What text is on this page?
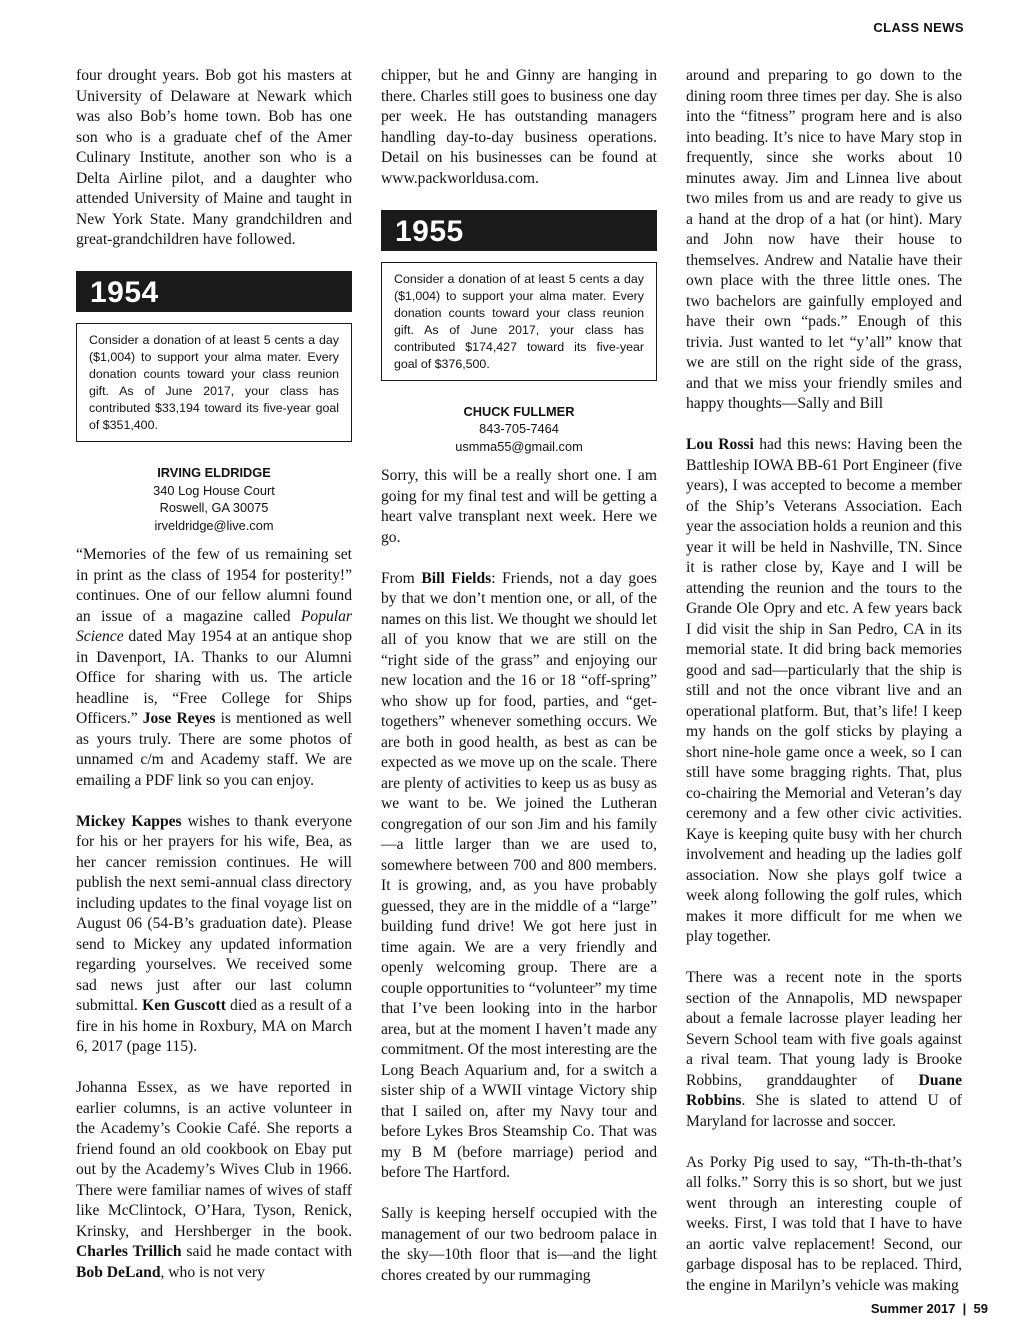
CLASS NEWS

four drought years. Bob got his masters at University of Delaware at Newark which was also Bob’s home town. Bob has one son who is a graduate chef of the Amer Culinary Institute, another son who is a Delta Airline pilot, and a daughter who attended University of Maine and taught in New York State. Many grandchildren and great-grandchildren have followed.

1954
Consider a donation of at least 5 cents a day ($1,004) to support your alma mater. Every donation counts toward your class reunion gift. As of June 2017, your class has contributed $33,194 toward its five-year goal of $351,400.
IRVING ELDRIDGE
340 Log House Court
Roswell, GA 30075
irveldridge@live.com

“Memories of the few of us remaining set in print as the class of 1954 for posterity!” continues. One of our fellow alumni found an issue of a magazine called Popular Science dated May 1954 at an antique shop in Davenport, IA. Thanks to our Alumni Office for sharing with us. The article headline is, “Free College for Ships Officers.” Jose Reyes is mentioned as well as yours truly. There are some photos of unnamed c/m and Academy staff. We are emailing a PDF link so you can enjoy.

Mickey Kappes wishes to thank everyone for his or her prayers for his wife, Bea, as her cancer remission continues. He will publish the next semi-annual class directory including updates to the final voyage list on August 06 (54-B’s graduation date). Please send to Mickey any updated information regarding yourselves. We received some sad news just after our last column submittal. Ken Guscott died as a result of a fire in his home in Roxbury, MA on March 6, 2017 (page 115).

Johanna Essex, as we have reported in earlier columns, is an active volunteer in the Academy’s Cookie Café. She reports a friend found an old cookbook on Ebay put out by the Academy’s Wives Club in 1966. There were familiar names of wives of staff like McClintock, O’Hara, Tyson, Renick, Krinsky, and Hershberger in the book. Charles Trillich said he made contact with Bob DeLand, who is not very

chipper, but he and Ginny are hanging in there. Charles still goes to business one day per week. He has outstanding managers handling day-to-day business operations. Detail on his businesses can be found at www.packworldusa.com.

1955
Consider a donation of at least 5 cents a day ($1,004) to support your alma mater. Every donation counts toward your class reunion gift. As of June 2017, your class has contributed $174,427 toward its five-year goal of $376,500.
CHUCK FULLMER
843-705-7464
usmma55@gmail.com

Sorry, this will be a really short one. I am going for my final test and will be getting a heart valve transplant next week. Here we go.

From Bill Fields: Friends, not a day goes by that we don’t mention one, or all, of the names on this list. We thought we should let all of you know that we are still on the “right side of the grass” and enjoying our new location and the 16 or 18 “off-spring” who show up for food, parties, and “get-togethers” whenever something occurs. We are both in good health, as best as can be expected as we move up on the scale. There are plenty of activities to keep us as busy as we want to be. We joined the Lutheran congregation of our son Jim and his family—a little larger than we are used to, somewhere between 700 and 800 members. It is growing, and, as you have probably guessed, they are in the middle of a “large” building fund drive! We got here just in time again. We are a very friendly and openly welcoming group. There are a couple opportunities to “volunteer” my time that I’ve been looking into in the harbor area, but at the moment I haven’t made any commitment. Of the most interesting are the Long Beach Aquarium and, for a switch a sister ship of a WWII vintage Victory ship that I sailed on, after my Navy tour and before Lykes Bros Steamship Co. That was my B M (before marriage) period and before The Hartford.

Sally is keeping herself occupied with the management of our two bedroom palace in the sky—10th floor that is—and the light chores created by our rummaging

around and preparing to go down to the dining room three times per day. She is also into the “fitness” program here and is also into beading. It’s nice to have Mary stop in frequently, since she works about 10 minutes away. Jim and Linnea live about two miles from us and are ready to give us a hand at the drop of a hat (or hint). Mary and John now have their house to themselves. Andrew and Natalie have their own place with the three little ones. The two bachelors are gainfully employed and have their own “pads.” Enough of this trivia. Just wanted to let “y’all” know that we are still on the right side of the grass, and that we miss your friendly smiles and happy thoughts—Sally and Bill

Lou Rossi had this news: Having been the Battleship IOWA BB-61 Port Engineer (five years), I was accepted to become a member of the Ship’s Veterans Association. Each year the association holds a reunion and this year it will be held in Nashville, TN. Since it is rather close by, Kaye and I will be attending the reunion and the tours to the Grande Ole Opry and etc. A few years back I did visit the ship in San Pedro, CA in its memorial state. It did bring back memories good and sad—particularly that the ship is still and not the once vibrant live and an operational platform. But, that’s life! I keep my hands on the golf sticks by playing a short nine-hole game once a week, so I can still have some bragging rights. That, plus co-chairing the Memorial and Veteran’s day ceremony and a few other civic activities. Kaye is keeping quite busy with her church involvement and heading up the ladies golf association. Now she plays golf twice a week along following the golf rules, which makes it more difficult for me when we play together.

There was a recent note in the sports section of the Annapolis, MD newspaper about a female lacrosse player leading her Severn School team with five goals against a rival team. That young lady is Brooke Robbins, granddaughter of Duane Robbins. She is slated to attend U of Maryland for lacrosse and soccer.

As Porky Pig used to say, “Th-th-th-that’s all folks.” Sorry this is so short, but we just went through an interesting couple of weeks. First, I was told that I have to have an aortic valve replacement! Second, our garbage disposal has to be replaced. Third, the engine in Marilyn’s vehicle was making

Summer 2017 | 59
